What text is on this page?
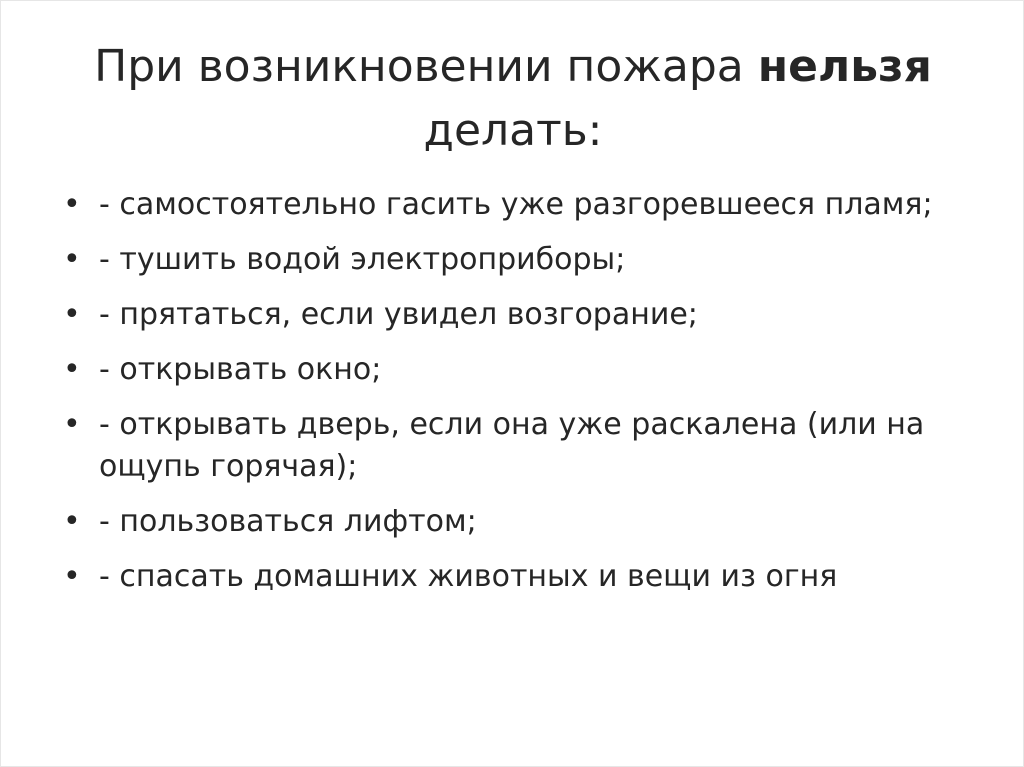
При возникновении пожара нельзя
делать:
• - самостоятельно гасить уже разгоревшееся пламя;
• - тушить водой электроприборы;
• - прятаться, если увидел возгорание;
• - открывать окно;
• - открывать дверь, если она уже раскалена (или на ощупь горячая);
• - пользоваться лифтом;
• - спасать домашних животных и вещи из огня
